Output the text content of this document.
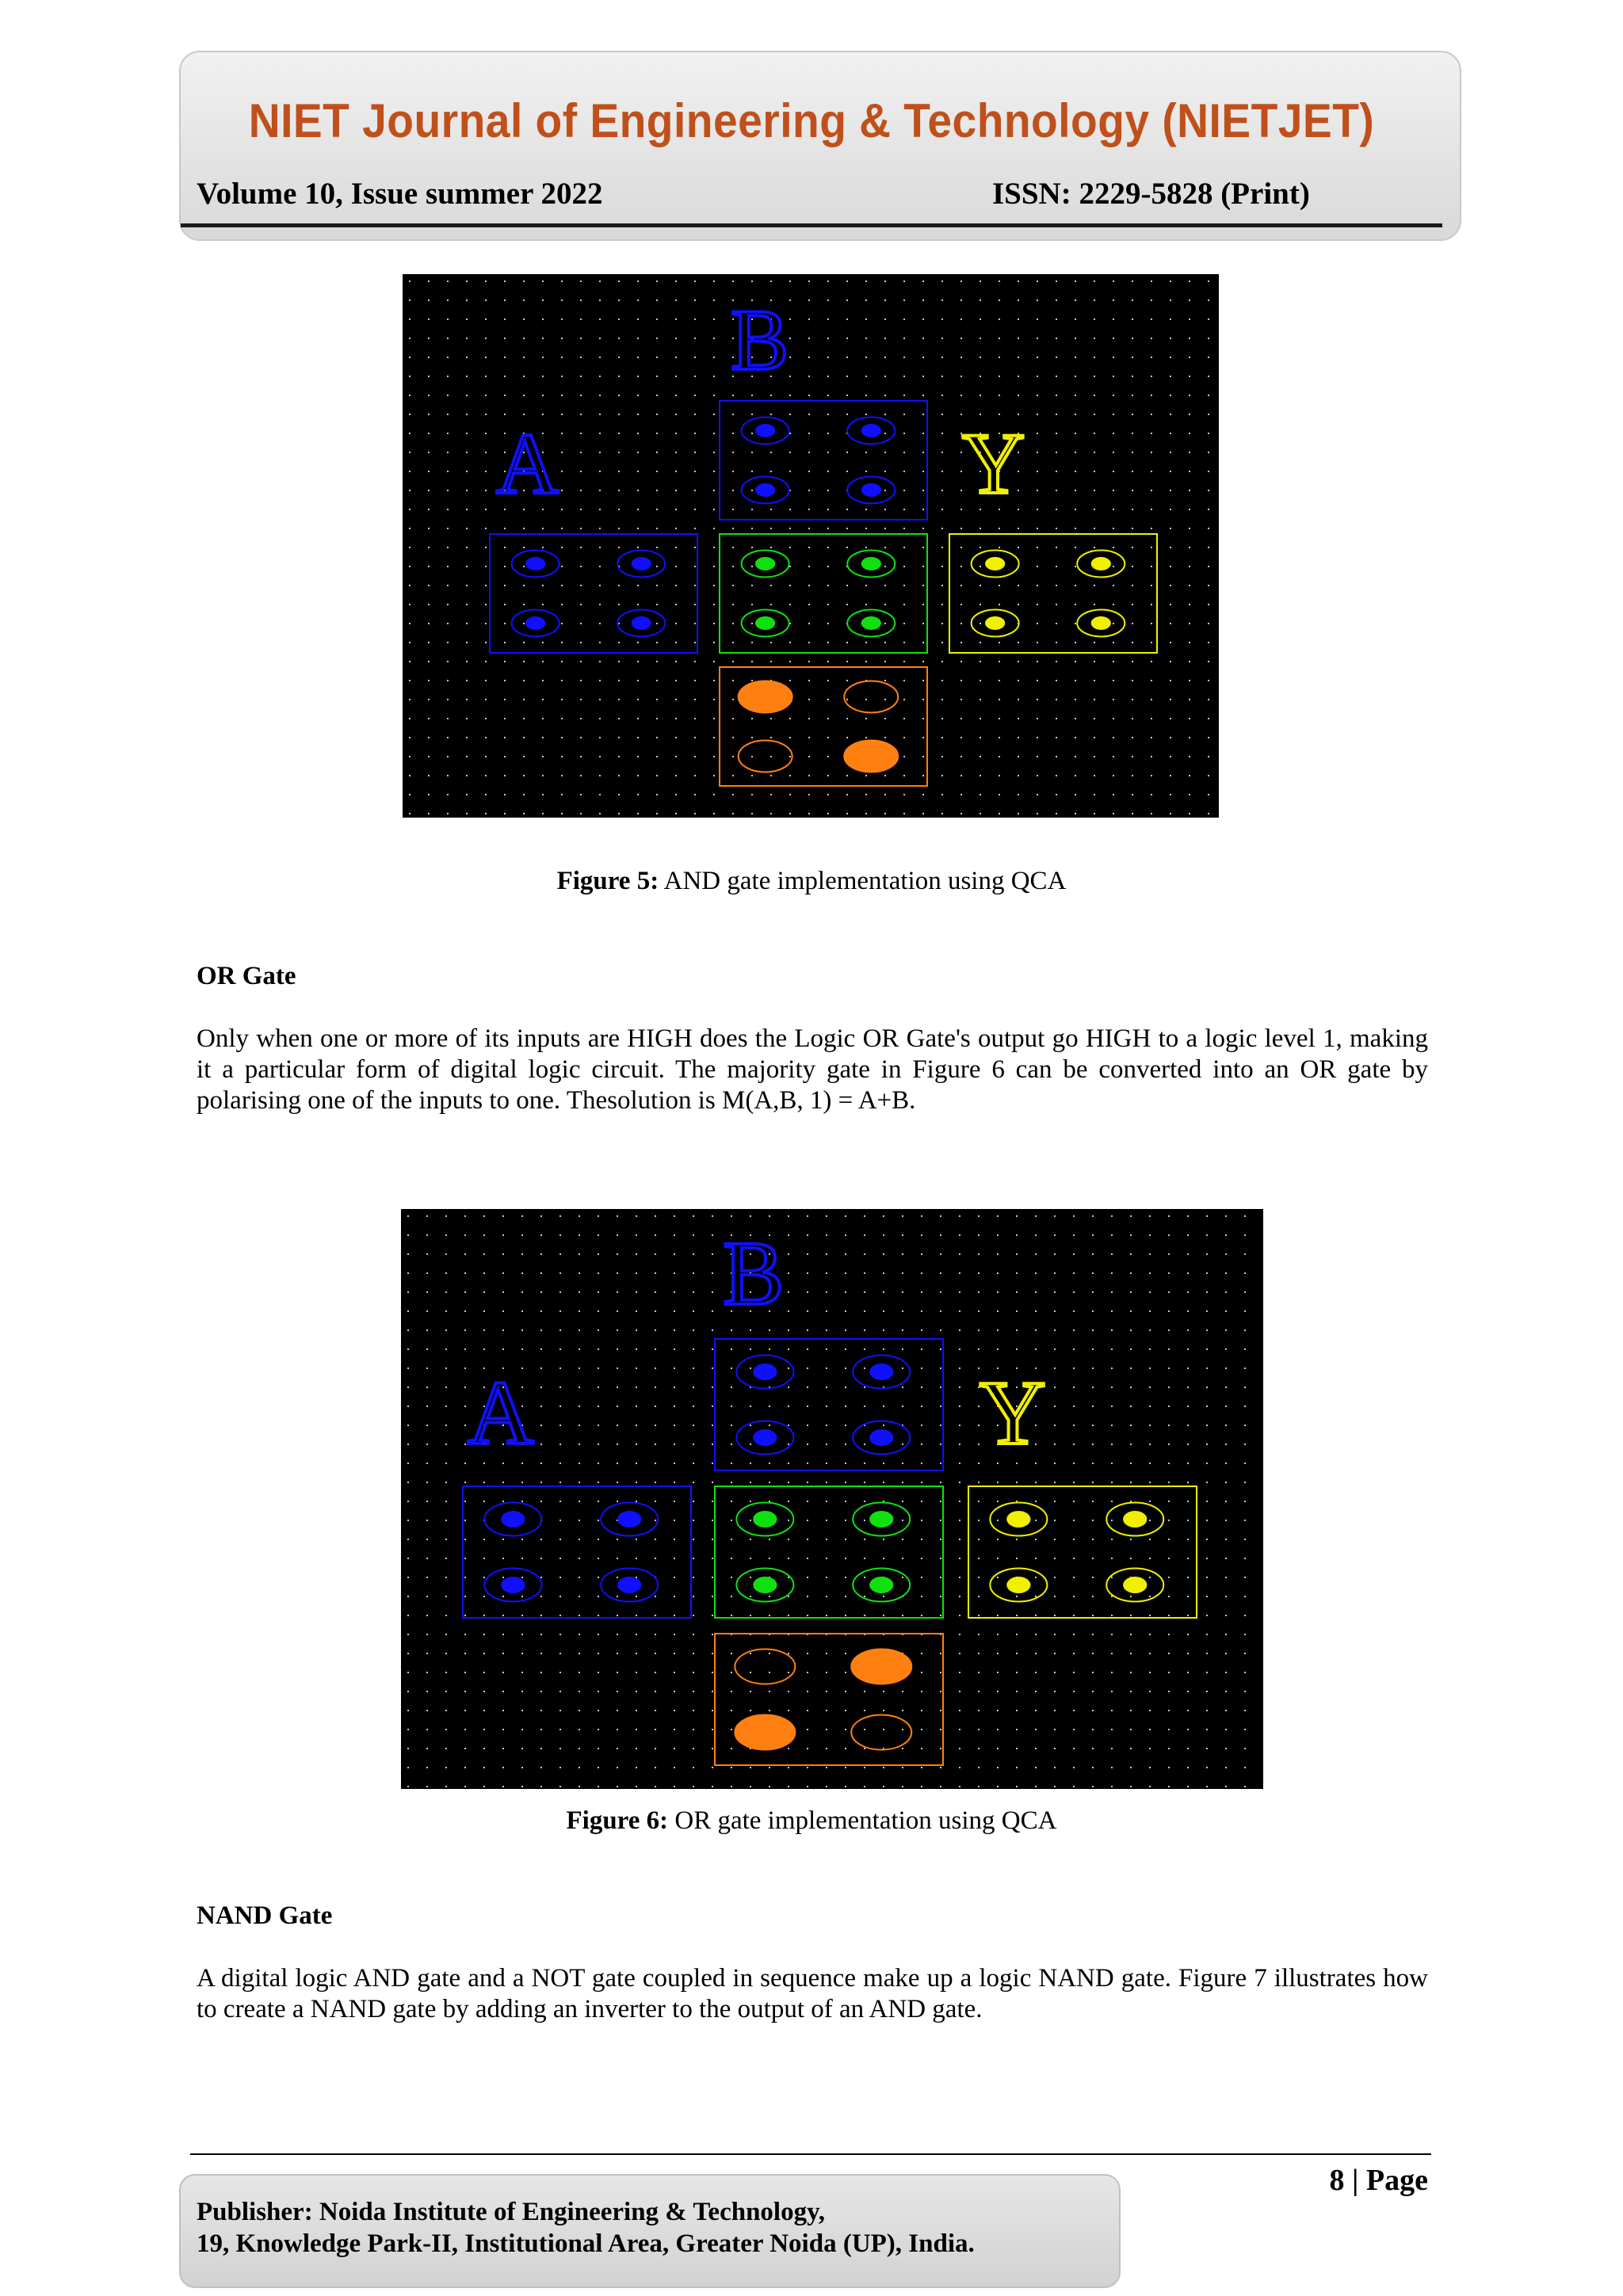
NIET Journal of Engineering & Technology (NIETJET)
Volume 10, Issue summer 2022	ISSN: 2229-5828 (Print)
B
A	Y
Figure 5: AND gate implementation using QCA
OR Gate
Only when one or more of its inputs are HIGH does the Logic OR Gate's output go HIGH to a logic level 1, making it a particular form of digital logic circuit. The majority gate in Figure 6 can be converted into an OR gate by polarising one of the inputs to one. Thesolution is M(A,B, 1) = A+B.
B
A	Y
Figure 6: OR gate implementation using QCA
NAND Gate
A digital logic AND gate and a NOT gate coupled in sequence make up a logic NAND gate. Figure 7 illustrates how to create a NAND gate by adding an inverter to the output of an AND gate.
8 | Page
Publisher: Noida Institute of Engineering & Technology,
19, Knowledge Park-II, Institutional Area, Greater Noida (UP), India.
